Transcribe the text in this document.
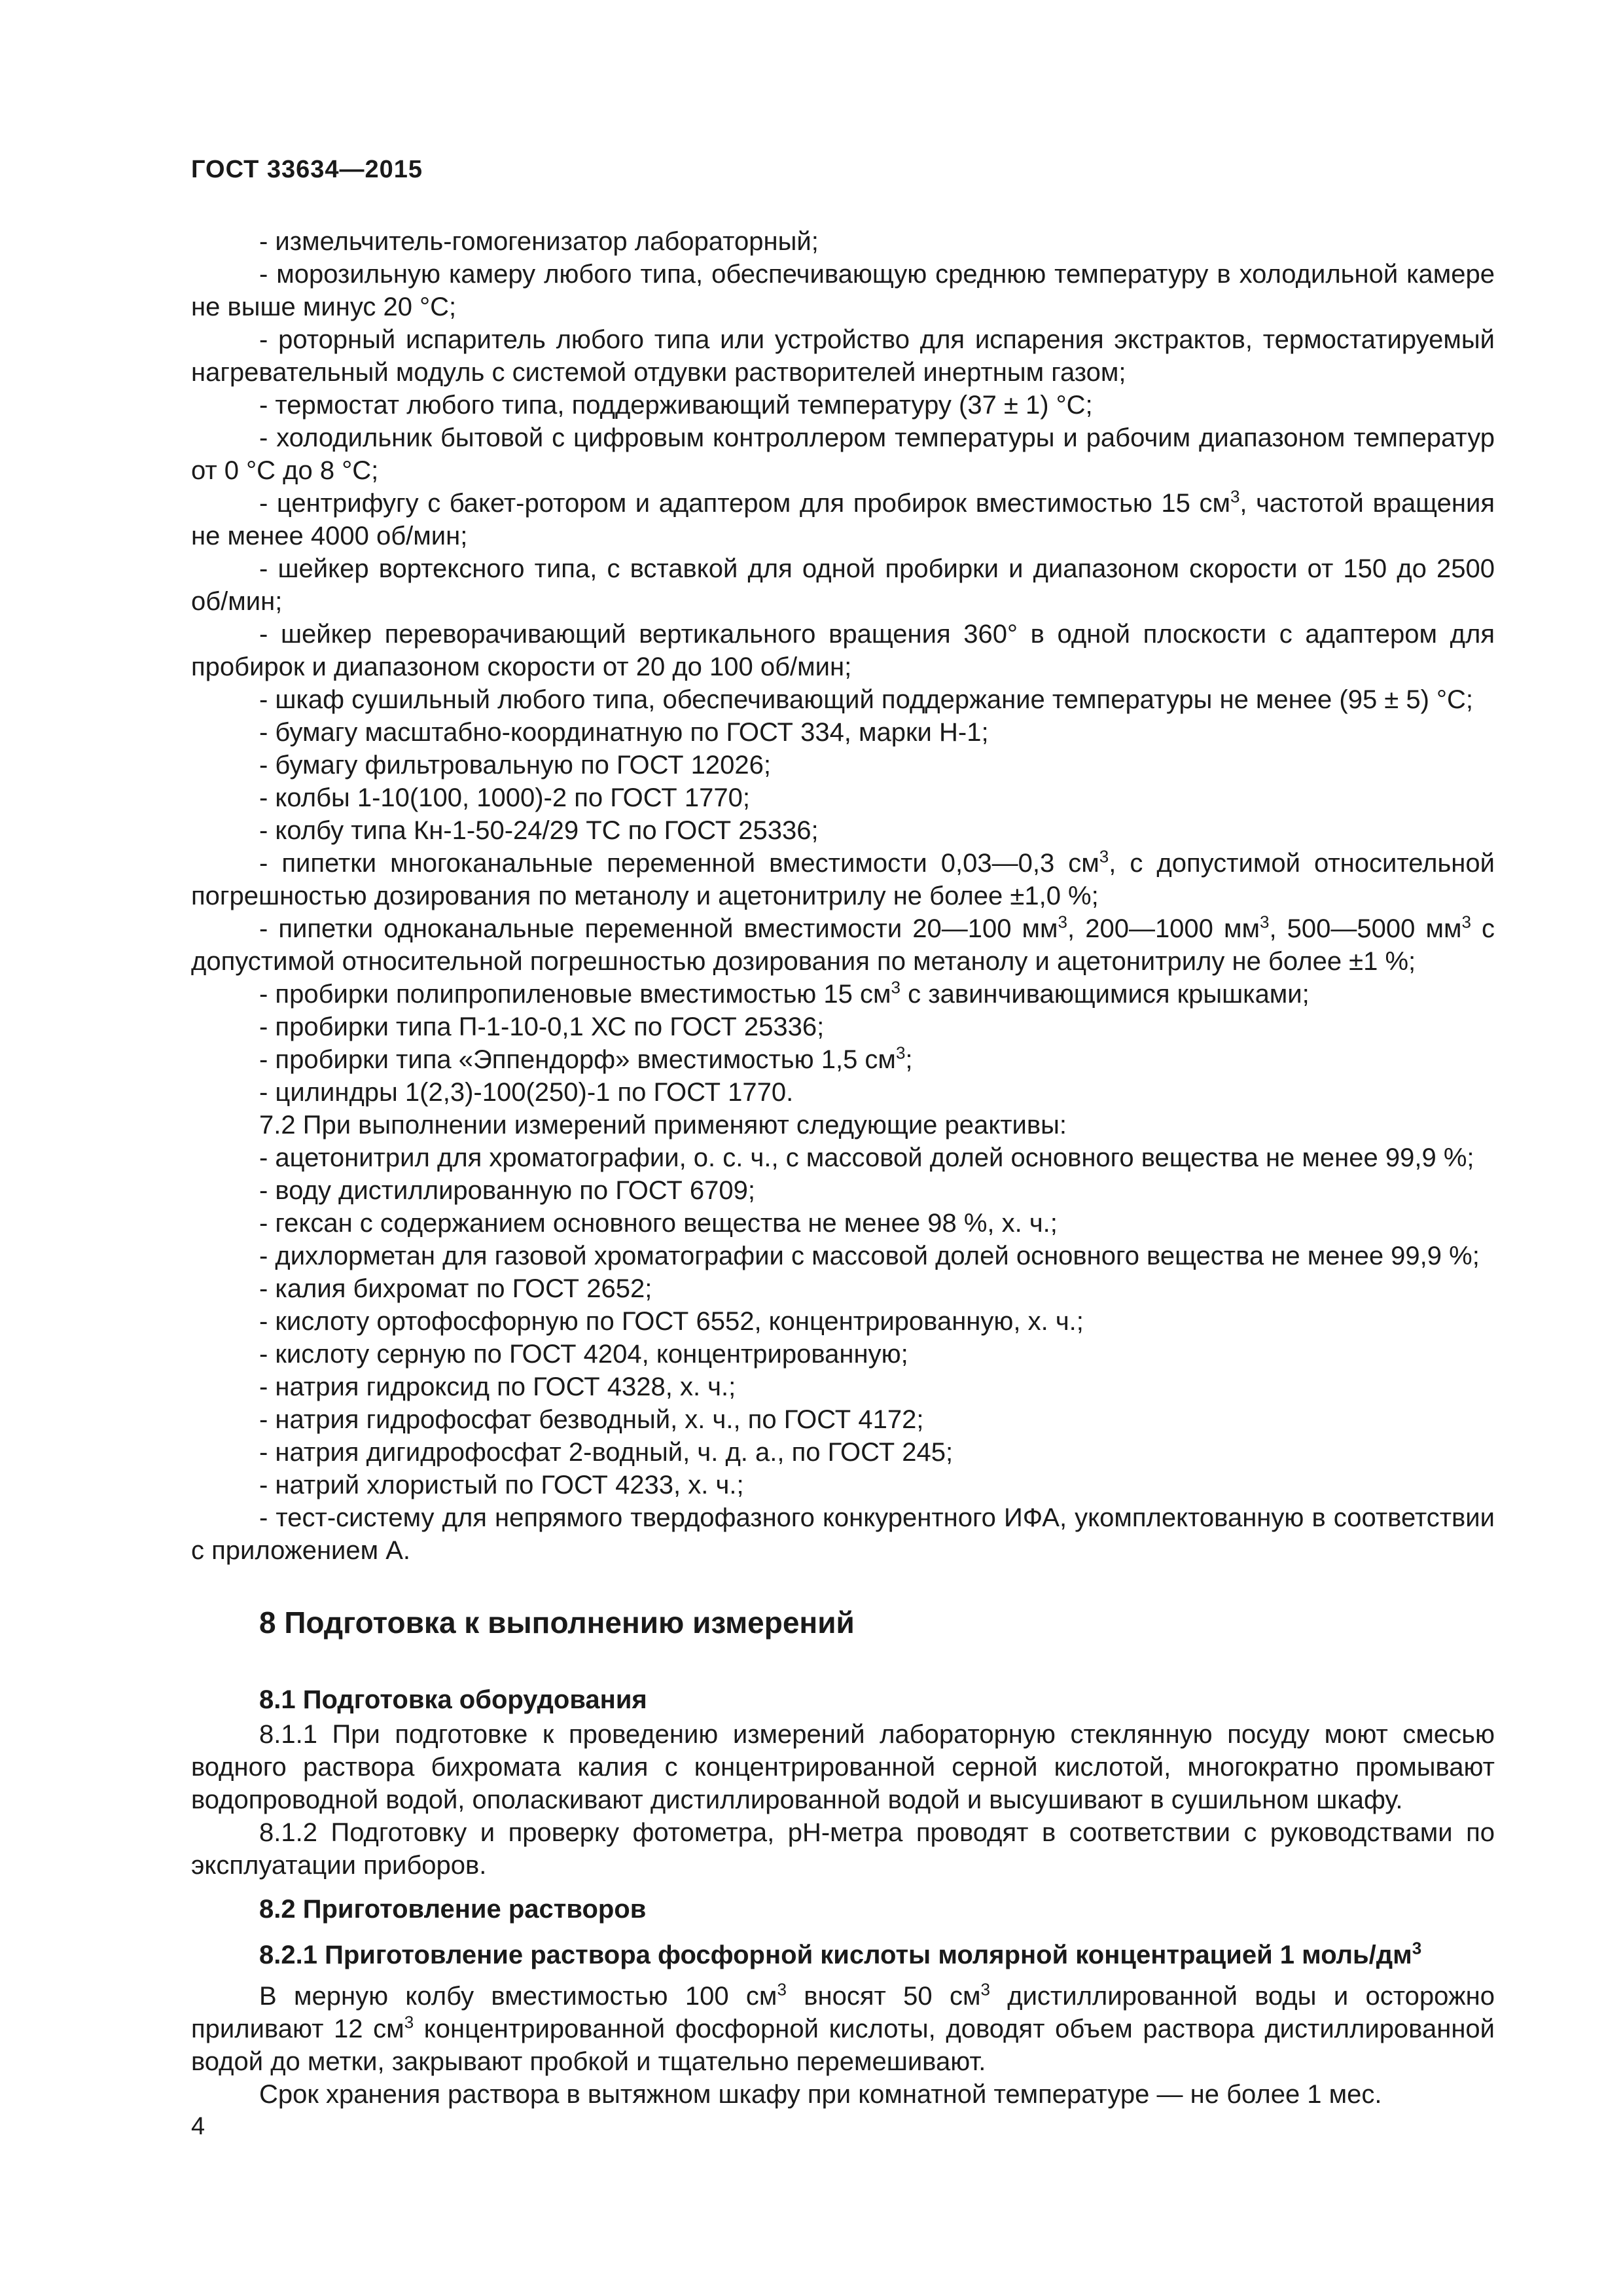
ГОСТ 33634—2015

- измельчитель-гомогенизатор лабораторный;

- морозильную камеру любого типа, обеспечивающую среднюю температуру в холодильной камере не выше минус 20 °С;

- роторный испаритель любого типа или устройство для испарения экстрактов, термостатируемый нагревательный модуль с системой отдувки растворителей инертным газом;

- термостат любого типа, поддерживающий температуру (37 ± 1) °С;

- холодильник бытовой с цифровым контроллером температуры и рабочим диапазоном температур от 0 °С до 8 °С;

- центрифугу с бакет-ротором и адаптером для пробирок вместимостью 15 $см^3$, частотой вращения не менее 4000 об/мин;

- шейкер вортексного типа, с вставкой для одной пробирки и диапазоном скорости от 150 до 2500 об/мин;

- шейкер переворачивающий вертикального вращения 360° в одной плоскости с адаптером для пробирок и диапазоном скорости от 20 до 100 об/мин;

- шкаф сушильный любого типа, обеспечивающий поддержание температуры не менее (95 ± 5) °С;

- бумагу масштабно-координатную по ГОСТ 334, марки Н-1;

- бумагу фильтровальную по ГОСТ 12026;

- колбы 1-10(100, 1000)-2 по ГОСТ 1770;

- колбу типа Кн-1-50-24/29 ТС по ГОСТ 25336;

- пипетки многоканальные переменной вместимости 0,03—0,3 $см^3$, с допустимой относительной погрешностью дозирования по метанолу и ацетонитрилу не более ±1,0 %;

- пипетки одноканальные переменной вместимости 20—100 $мм^3$, 200—1000 $мм^3$, 500—5000 $мм^3$ с допустимой относительной погрешностью дозирования по метанолу и ацетонитрилу не более ±1 %;

- пробирки полипропиленовые вместимостью 15 $см^3$ с завинчивающимися крышками;

- пробирки типа П-1-10-0,1 ХС по ГОСТ 25336;

- пробирки типа «Эппендорф» вместимостью 1,5 $см^3$;

- цилиндры 1(2,3)-100(250)-1 по ГОСТ 1770.

7.2 При выполнении измерений применяют следующие реактивы:

- ацетонитрил для хроматографии, о. с. ч., с массовой долей основного вещества не менее 99,9 %;

- воду дистиллированную по ГОСТ 6709;

- гексан с содержанием основного вещества не менее 98 %, х. ч.;

- дихлорметан для газовой хроматографии с массовой долей основного вещества не менее 99,9 %;

- калия бихромат по ГОСТ 2652;

- кислоту ортофосфорную по ГОСТ 6552, концентрированную, х. ч.;

- кислоту серную по ГОСТ 4204, концентрированную;

- натрия гидроксид по ГОСТ 4328, х. ч.;

- натрия гидрофосфат безводный, х. ч., по ГОСТ 4172;

- натрия дигидрофосфат 2-водный, ч. д. а., по ГОСТ 245;

- натрий хлористый по ГОСТ 4233, х. ч.;

- тест-систему для непрямого твердофазного конкурентного ИФА, укомплектованную в соответствии с приложением А.

8 Подготовка к выполнению измерений
8.1 Подготовка оборудования

8.1.1 При подготовке к проведению измерений лабораторную стеклянную посуду моют смесью водного раствора бихромата калия с концентрированной серной кислотой, многократно промывают водопроводной водой, ополаскивают дистиллированной водой и высушивают в сушильном шкафу.

8.1.2 Подготовку и проверку фотометра, рН-метра проводят в соответствии с руководствами по эксплуатации приборов.

8.2 Приготовление растворов
8.2.1 Приготовление раствора фосфорной кислоты молярной концентрацией 1 моль/$дм^3$

В мерную колбу вместимостью 100 $см^3$ вносят 50 $см^3$ дистиллированной воды и осторожно приливают 12 $см^3$ концентрированной фосфорной кислоты, доводят объем раствора дистиллированной водой до метки, закрывают пробкой и тщательно перемешивают.

Срок хранения раствора в вытяжном шкафу при комнатной температуре — не более 1 мес.

4
